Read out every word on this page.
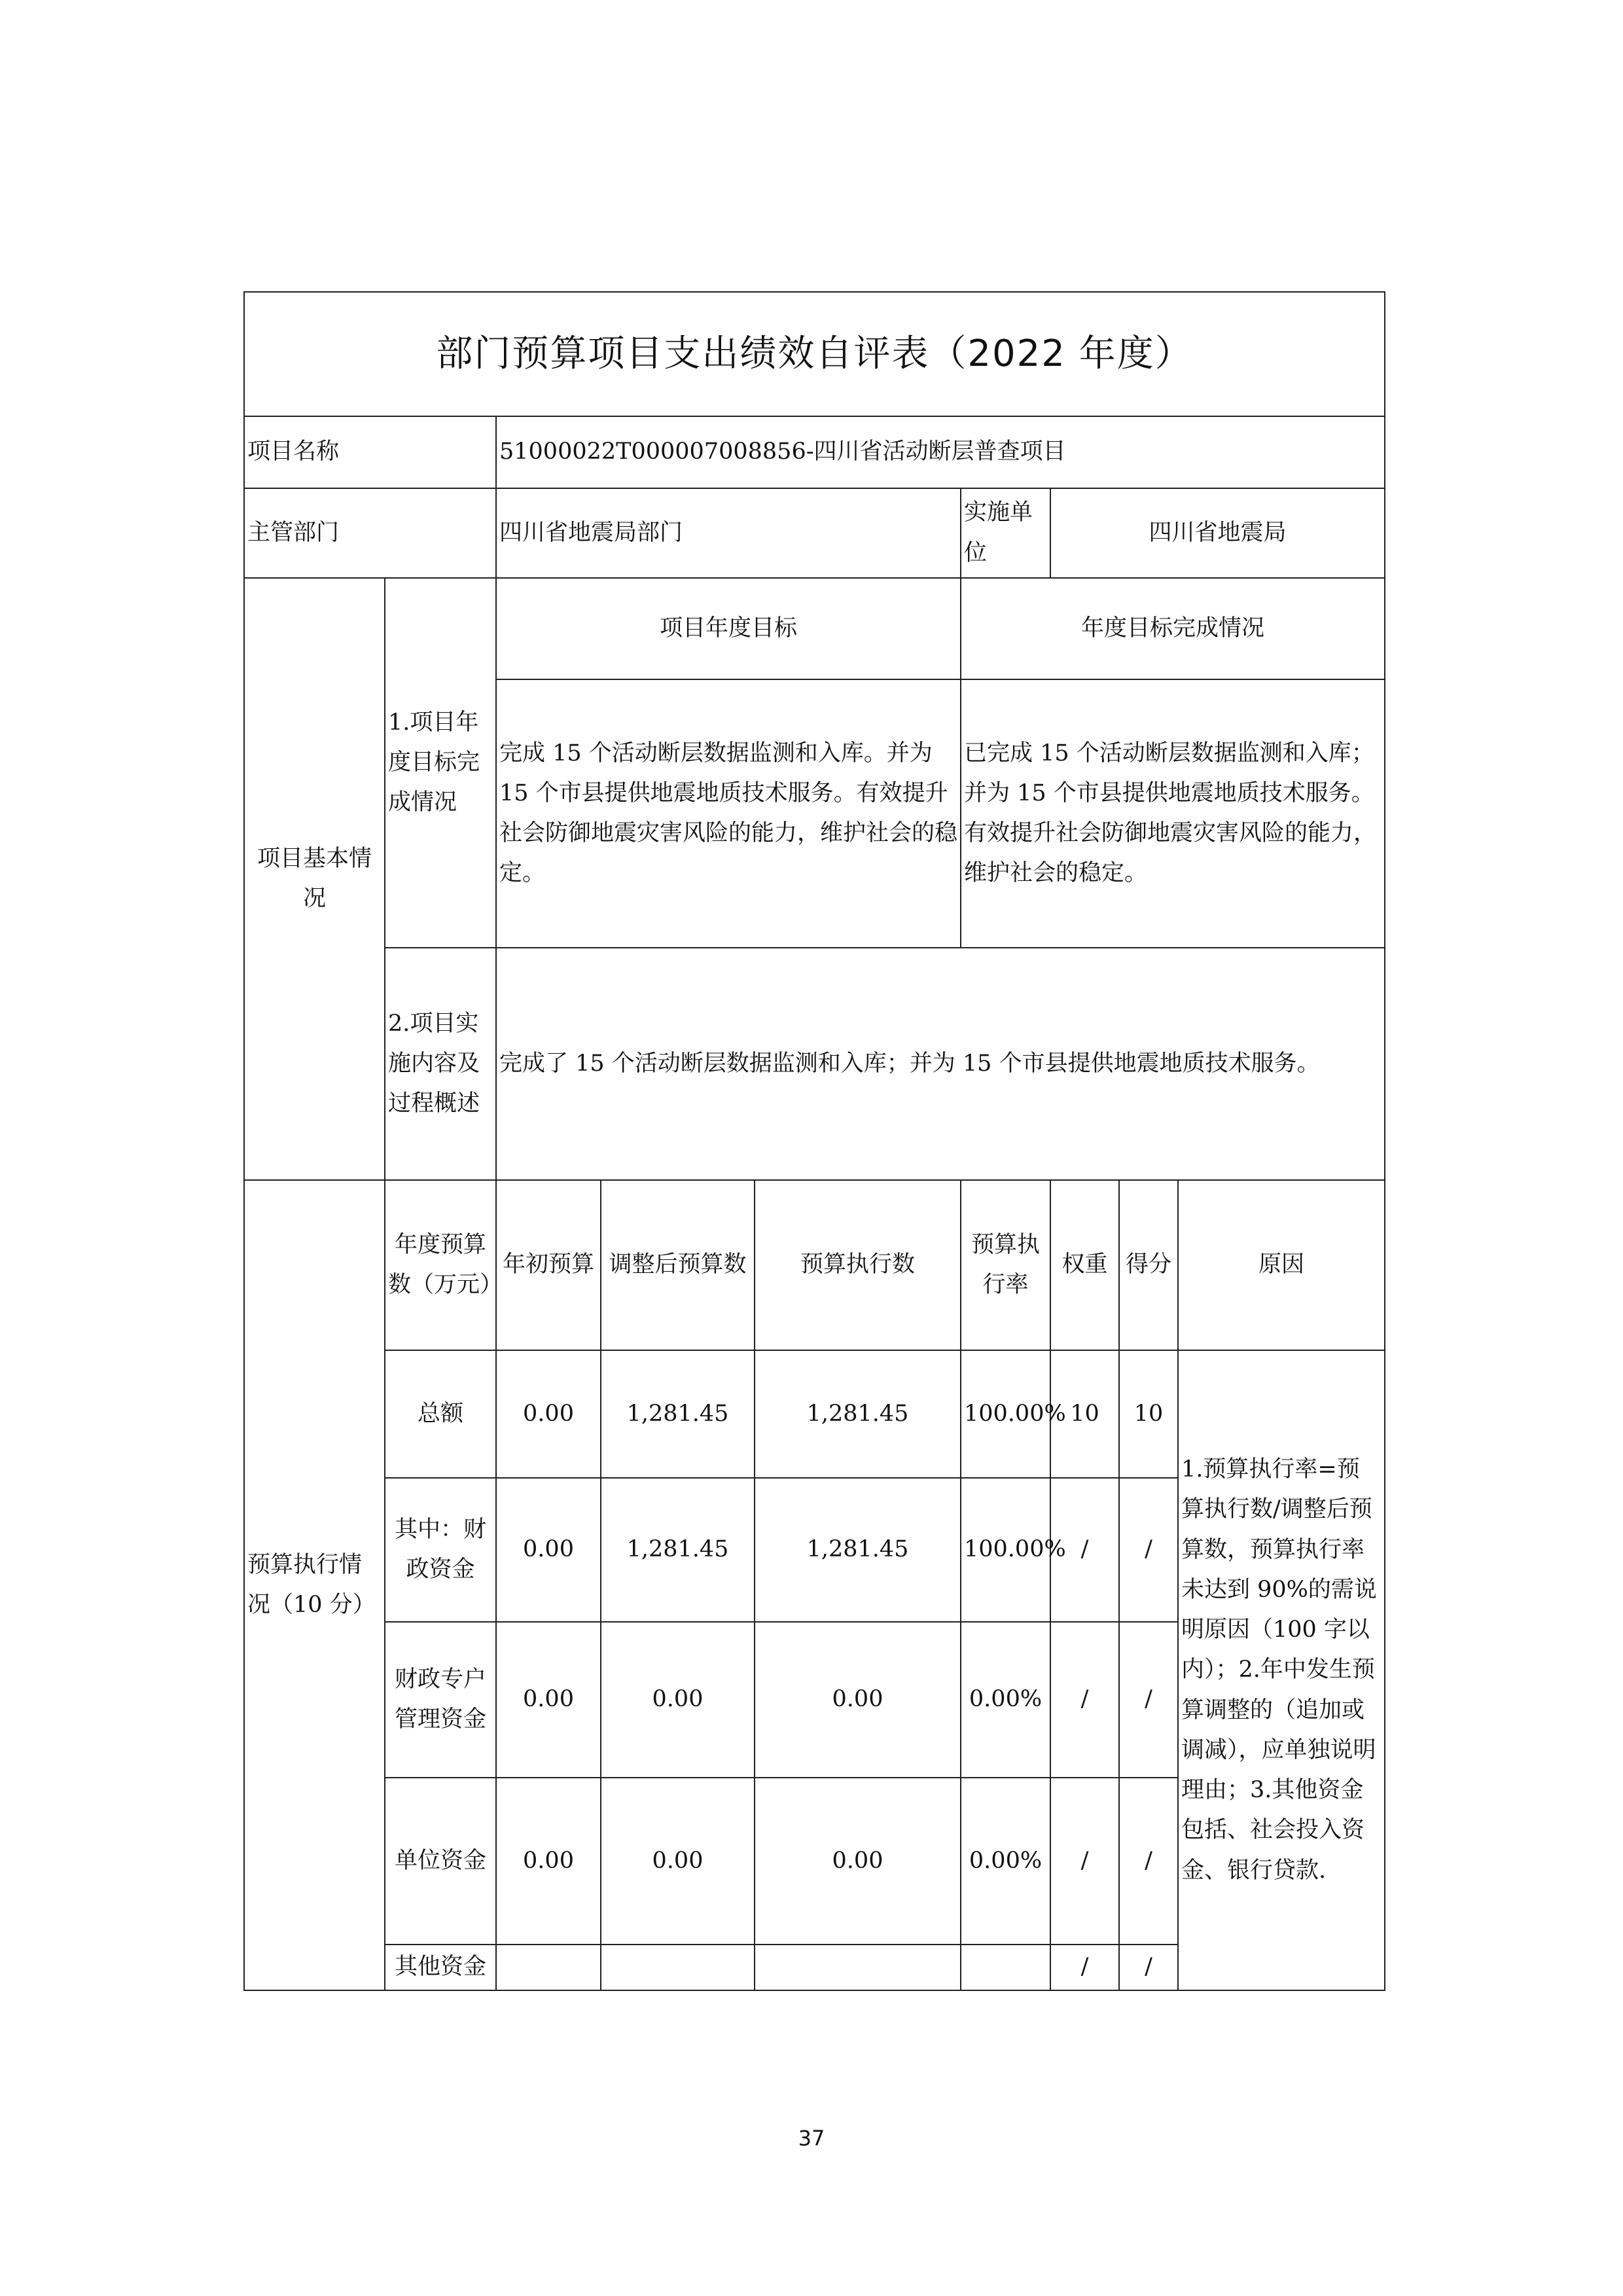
部门预算项目支出绩效自评表（2022 年度）								
项目名称		51000022T000007008856-四川省活动断层普查项目						
主管部门		四川省地震局部门			实施单位	四川省地震局		
项目基本情况	1.项目年度目标完成情况	项目年度目标			年度目标完成情况			
		完成 15 个活动断层数据监测和入库。并为 15 个市县提供地震地质技术服务。有效提升社会防御地震灾害风险的能力，维护社会的稳定。			已完成 15 个活动断层数据监测和入库；并为 15 个市县提供地震地质技术服务。有效提升社会防御地震灾害风险的能力，维护社会的稳定。			
	2.项目实施内容及过程概述	完成了 15 个活动断层数据监测和入库；并为 15 个市县提供地震地质技术服务。						
预算执行情况（10 分）	年度预算数（万元）	年初预算	调整后预算数	预算执行数	预算执行率	权重	得分	原因
	总额	0.00	1,281.45	1,281.45	100.00%	10	10	1.预算执行率=预算执行数/调整后预算数，预算执行率未达到 90%的需说明原因（100 字以内）；2.年中发生预算调整的（追加或调减），应单独说明理由；3.其他资金包括、社会投入资金、银行贷款.
	其中：财政资金	0.00	1,281.45	1,281.45	100.00%	/	/	
	财政专户管理资金	0.00	0.00	0.00	0.00%	/	/	
	单位资金	0.00	0.00	0.00	0.00%	/	/	
	其他资金					/	/	
37
